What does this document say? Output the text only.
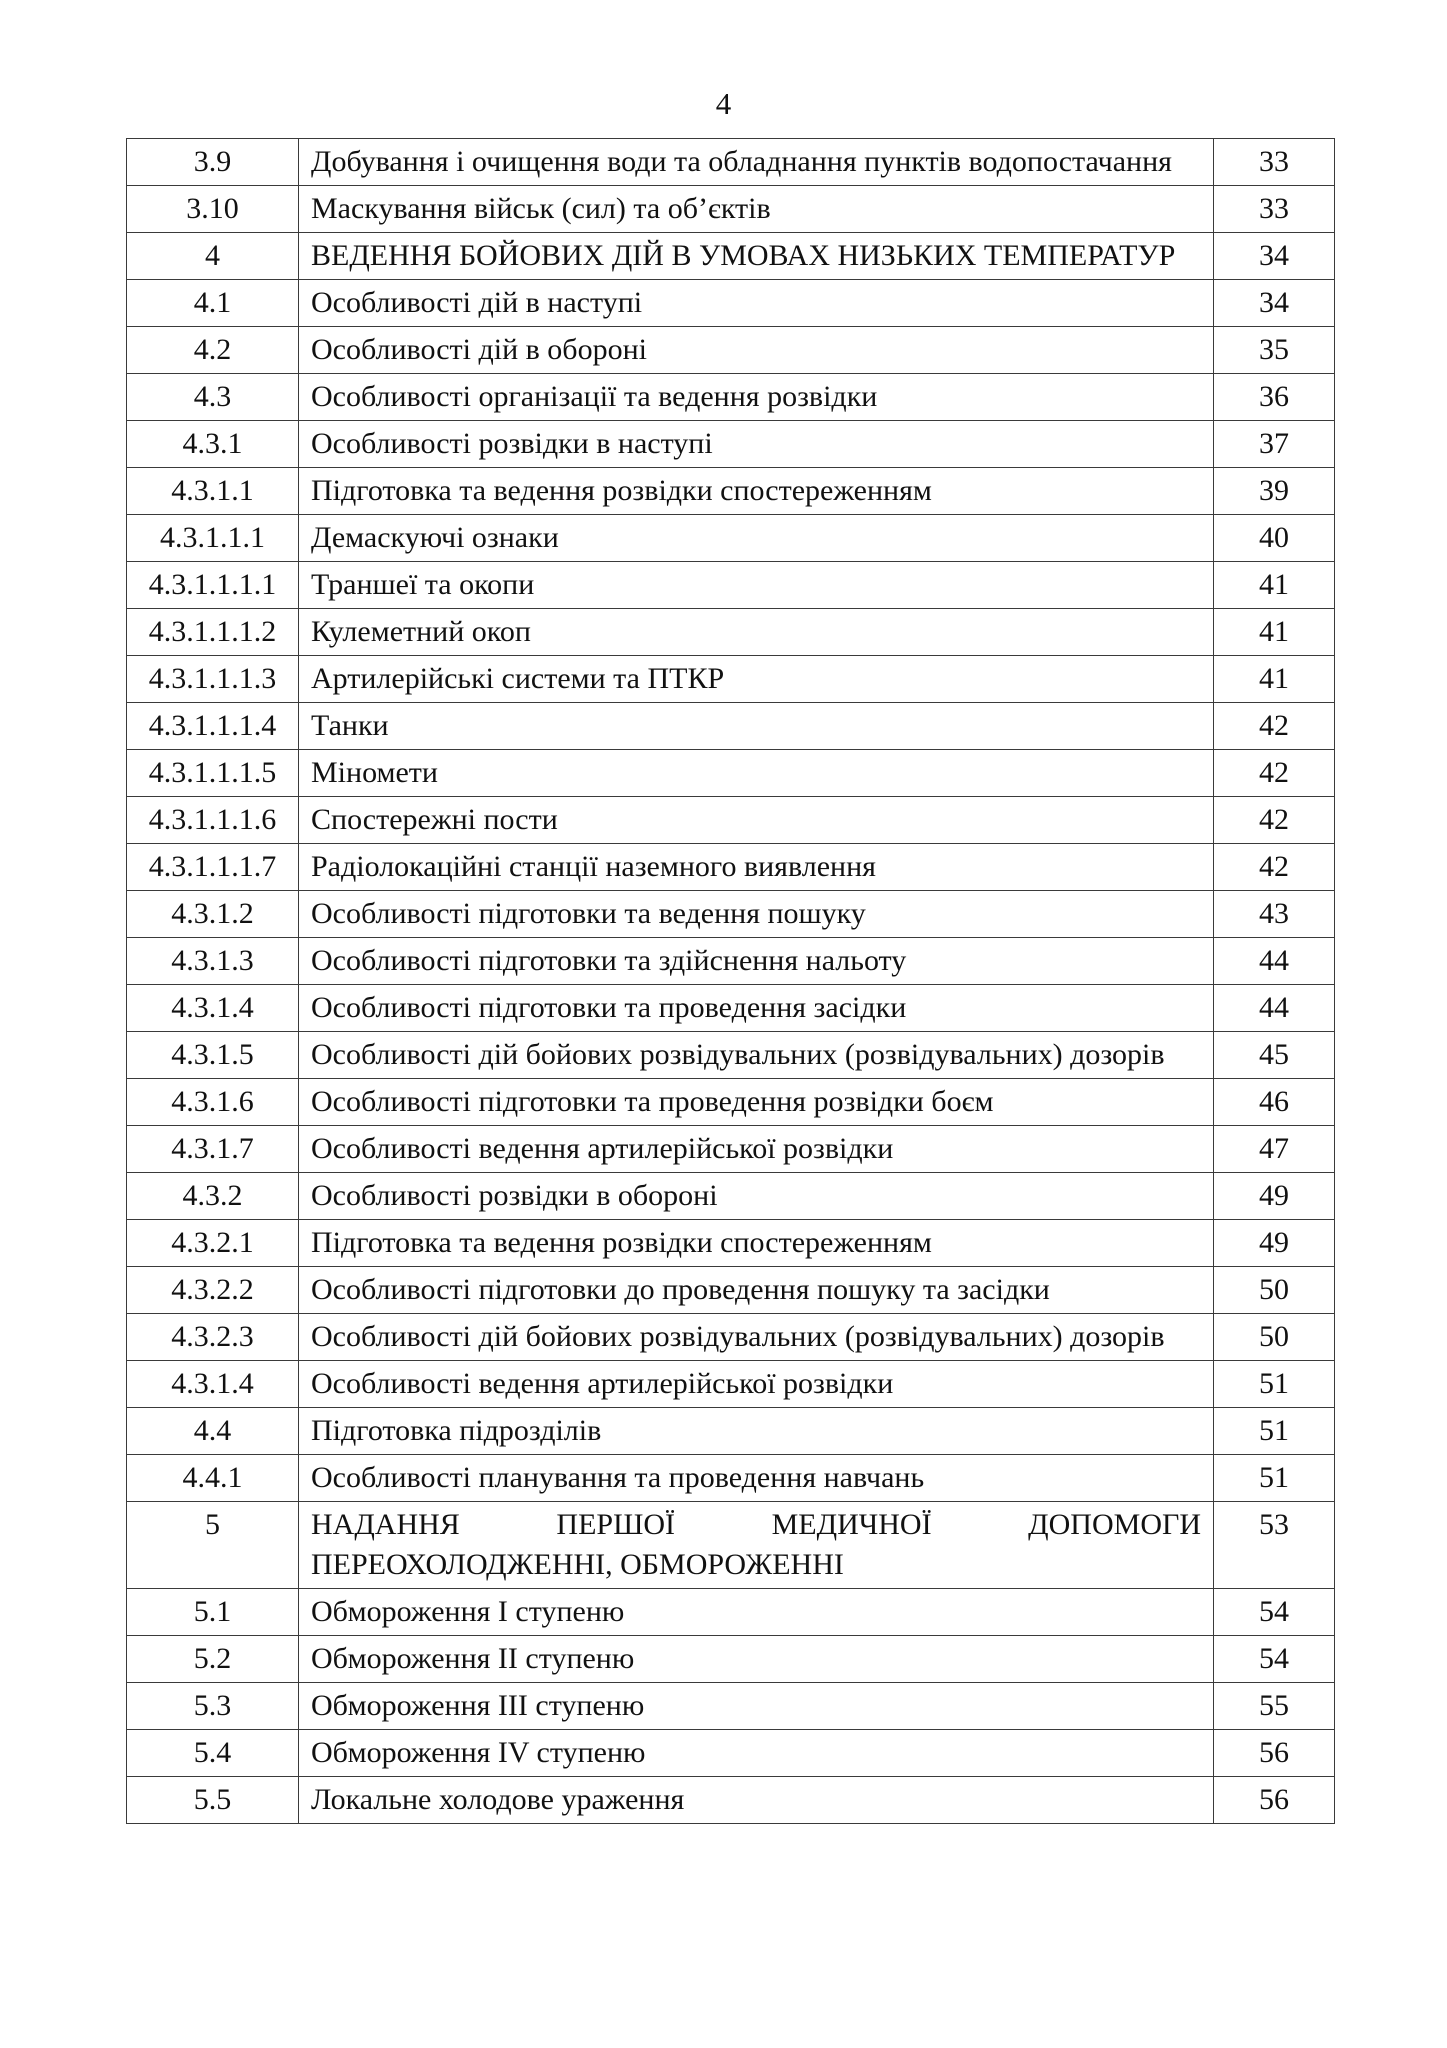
4
3.9	Добування і очищення води та обладнання пунктів водопостачання	33
3.10	Маскування військ (сил) та об’єктів	33
4	ВЕДЕННЯ БОЙОВИХ ДІЙ В УМОВАХ НИЗЬКИХ ТЕМПЕРАТУР	34
4.1	Особливості дій в наступі	34
4.2	Особливості дій в обороні	35
4.3	Особливості організації та ведення розвідки	36
4.3.1	Особливості розвідки в наступі	37
4.3.1.1	Підготовка та ведення розвідки спостереженням	39
4.3.1.1.1	Демаскуючі ознаки	40
4.3.1.1.1.1	Траншеї та окопи	41
4.3.1.1.1.2	Кулеметний окоп	41
4.3.1.1.1.3	Артилерійські системи та ПТКР	41
4.3.1.1.1.4	Танки	42
4.3.1.1.1.5	Міномети	42
4.3.1.1.1.6	Спостережні пости	42
4.3.1.1.1.7	Радіолокаційні станції наземного виявлення	42
4.3.1.2	Особливості підготовки та ведення пошуку	43
4.3.1.3	Особливості підготовки та здійснення нальоту	44
4.3.1.4	Особливості підготовки та проведення засідки	44
4.3.1.5	Особливості дій бойових розвідувальних (розвідувальних) дозорів	45
4.3.1.6	Особливості підготовки та проведення розвідки боєм	46
4.3.1.7	Особливості ведення артилерійської розвідки	47
4.3.2	Особливості розвідки в обороні	49
4.3.2.1	Підготовка та ведення розвідки спостереженням	49
4.3.2.2	Особливості підготовки до проведення пошуку та засідки	50
4.3.2.3	Особливості дій бойових розвідувальних (розвідувальних) дозорів	50
4.3.1.4	Особливості ведення артилерійської розвідки	51
4.4	Підготовка підрозділів	51
4.4.1	Особливості планування та проведення навчань	51
5	НАДАННЯ ПЕРШОЇ МЕДИЧНОЇ ДОПОМОГИ ПЕРЕОХОЛОДЖЕННІ, ОБМОРОЖЕННІ	53
5.1	Обмороження І ступеню	54
5.2	Обмороження ІІ ступеню	54
5.3	Обмороження ІІІ ступеню	55
5.4	Обмороження IV ступеню	56
5.5	Локальне холодове ураження	56
